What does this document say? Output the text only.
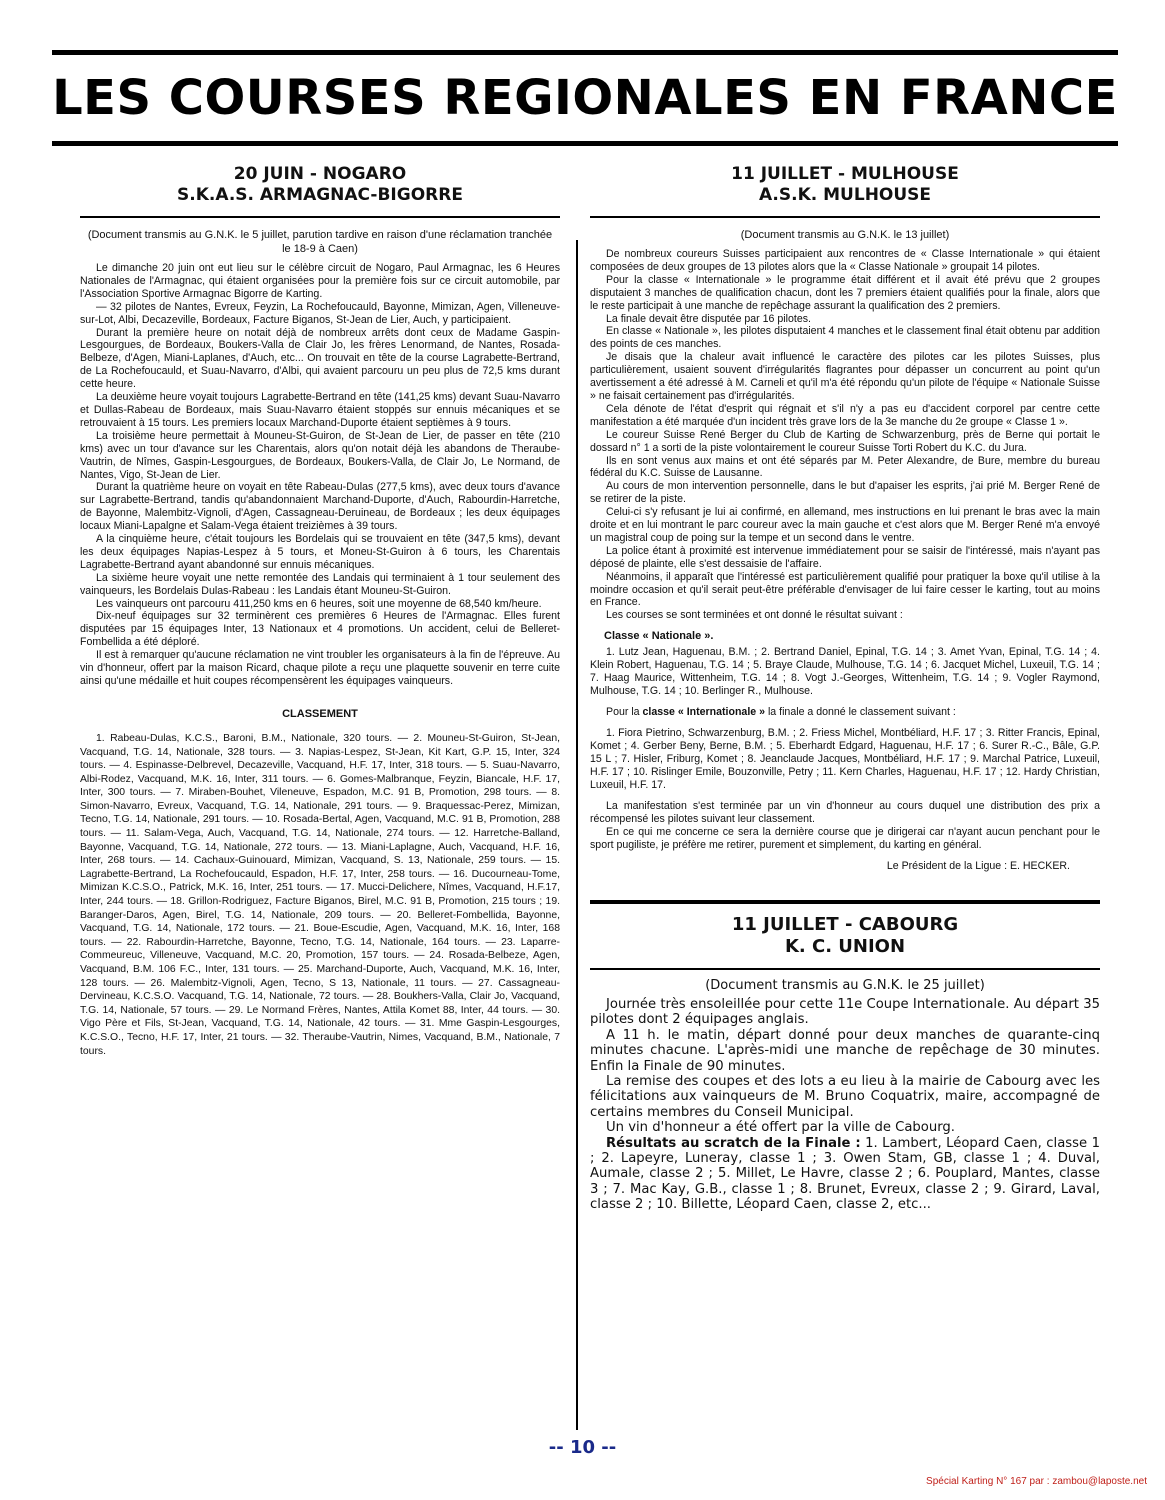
LES COURSES REGIONALES EN FRANCE
20 JUIN - NOGARO
S.K.A.S. ARMAGNAC-BIGORRE
(Document transmis au G.N.K. le 5 juillet, parution tardive en raison d'une réclamation tranchée le 18-9 à Caen)

Le dimanche 20 juin ont eut lieu sur le célèbre circuit de Nogaro, Paul Armagnac, les 6 Heures Nationales de l'Armagnac, qui étaient organisées pour la première fois sur ce circuit automobile, par l'Association Sportive Armagnac Bigorre de Karting.

— 32 pilotes de Nantes, Evreux, Feyzin, La Rochefoucauld, Bayonne, Mimizan, Agen, Villeneuve-sur-Lot, Albi, Decazeville, Bordeaux, Facture Biganos, St-Jean de Lier, Auch, y participaient.

Durant la première heure on notait déjà de nombreux arrêts dont ceux de Madame Gaspin-Lesgourgues, de Bordeaux, Boukers-Valla de Clair Jo, les frères Lenormand, de Nantes, Rosada-Belbeze, d'Agen, Miani-Laplanes, d'Auch, etc... On trouvait en tête de la course Lagrabette-Bertrand, de La Rochefoucauld, et Suau-Navarro, d'Albi, qui avaient parcouru un peu plus de 72,5 kms durant cette heure.

La deuxième heure voyait toujours Lagrabette-Bertrand en tête (141,25 kms) devant Suau-Navarro et Dullas-Rabeau de Bordeaux, mais Suau-Navarro étaient stoppés sur ennuis mécaniques et se retrouvaient à 15 tours. Les premiers locaux Marchand-Duporte étaient septièmes à 9 tours.

La troisième heure permettait à Mouneu-St-Guiron, de St-Jean de Lier, de passer en tête (210 kms) avec un tour d'avance sur les Charentais, alors qu'on notait déjà les abandons de Theraube-Vautrin, de Nîmes, Gaspin-Lesgourgues, de Bordeaux, Boukers-Valla, de Clair Jo, Le Normand, de Nantes, Vigo, St-Jean de Lier.

Durant la quatrième heure on voyait en tête Rabeau-Dulas (277,5 kms), avec deux tours d'avance sur Lagrabette-Bertrand, tandis qu'abandonnaient Marchand-Duporte, d'Auch, Rabourdin-Harretche, de Bayonne, Malembitz-Vignoli, d'Agen, Cassagneau-Deruineau, de Bordeaux ; les deux équipages locaux Miani-Lapalgne et Salam-Vega étaient treizièmes à 39 tours.

A la cinquième heure, c'était toujours les Bordelais qui se trouvaient en tête (347,5 kms), devant les deux équipages Napias-Lespez à 5 tours, et Moneu-St-Guiron à 6 tours, les Charentais Lagrabette-Bertrand ayant abandonné sur ennuis mécaniques.

La sixième heure voyait une nette remontée des Landais qui terminaient à 1 tour seulement des vainqueurs, les Bordelais Dulas-Rabeau : les Landais étant Mouneu-St-Guiron.

Les vainqueurs ont parcouru 411,250 kms en 6 heures, soit une moyenne de 68,540 km/heure.

Dix-neuf équipages sur 32 terminèrent ces premières 6 Heures de l'Armagnac. Elles furent disputées par 15 équipages Inter, 13 Nationaux et 4 promotions. Un accident, celui de Belleret-Fombellida a été déploré.

Il est à remarquer qu'aucune réclamation ne vint troubler les organisateurs à la fin de l'épreuve. Au vin d'honneur, offert par la maison Ricard, chaque pilote a reçu une plaquette souvenir en terre cuite ainsi qu'une médaille et huit coupes récompensèrent les équipages vainqueurs.

CLASSEMENT

1. Rabeau-Dulas, K.C.S., Baroni, B.M., Nationale, 320 tours. — 2. Mouneu-St-Guiron, St-Jean, Vacquand, T.G. 14, Nationale, 328 tours. — 3. Napias-Lespez, St-Jean, Kit Kart, G.P. 15, Inter, 324 tours. — 4. Espinasse-Delbrevel, Decazeville, Vacquand, H.F. 17, Inter, 318 tours. — 5. Suau-Navarro, Albi-Rodez, Vacquand, M.K. 16, Inter, 311 tours. — 6. Gomes-Malbranque, Feyzin, Biancale, H.F. 17, Inter, 300 tours. — 7. Miraben-Bouhet, Vileneuve, Espadon, M.C. 91 B, Promotion, 298 tours. — 8. Simon-Navarro, Evreux, Vacquand, T.G. 14, Nationale, 291 tours. — 9. Braquessac-Perez, Mimizan, Tecno, T.G. 14, Nationale, 291 tours. — 10. Rosada-Bertal, Agen, Vacquand, M.C. 91 B, Promotion, 288 tours. — 11. Salam-Vega, Auch, Vacquand, T.G. 14, Nationale, 274 tours. — 12. Harretche-Balland, Bayonne, Vacquand, T.G. 14, Nationale, 272 tours. — 13. Miani-Laplagne, Auch, Vacquand, H.F. 16, Inter, 268 tours. — 14. Cachaux-Guinouard, Mimizan, Vacquand, S. 13, Nationale, 259 tours. — 15. Lagrabette-Bertrand, La Rochefoucauld, Espadon, H.F. 17, Inter, 258 tours. — 16. Ducourneau-Tome, Mimizan K.C.S.O., Patrick, M.K. 16, Inter, 251 tours. — 17. Mucci-Delichere, Nîmes, Vacquand, H.F.17, Inter, 244 tours. — 18. Grillon-Rodriguez, Facture Biganos, Birel, M.C. 91 B, Promotion, 215 tours ; 19. Baranger-Daros, Agen, Birel, T.G. 14, Nationale, 209 tours. — 20. Belleret-Fombellida, Bayonne, Vacquand, T.G. 14, Nationale, 172 tours. — 21. Boue-Escudie, Agen, Vacquand, M.K. 16, Inter, 168 tours. — 22. Rabourdin-Harretche, Bayonne, Tecno, T.G. 14, Nationale, 164 tours. — 23. Laparre-Commeureuc, Villeneuve, Vacquand, M.C. 20, Promotion, 157 tours. — 24. Rosada-Belbeze, Agen, Vacquand, B.M. 106 F.C., Inter, 131 tours. — 25. Marchand-Duporte, Auch, Vacquand, M.K. 16, Inter, 128 tours. — 26. Malembitz-Vignoli, Agen, Tecno, S 13, Nationale, 11 tours. — 27. Cassagneau-Dervineau, K.C.S.O. Vacquand, T.G. 14, Nationale, 72 tours. — 28. Boukhers-Valla, Clair Jo, Vacquand, T.G. 14, Nationale, 57 tours. — 29. Le Normand Frères, Nantes, Attila Komet 88, Inter, 44 tours. — 30. Vigo Père et Fils, St-Jean, Vacquand, T.G. 14, Nationale, 42 tours. — 31. Mme Gaspin-Lesgourges, K.C.S.O., Tecno, H.F. 17, Inter, 21 tours. — 32. Theraube-Vautrin, Nimes, Vacquand, B.M., Nationale, 7 tours.

11 JUILLET - MULHOUSE
A.S.K. MULHOUSE
(Document transmis au G.N.K. le 13 juillet)

De nombreux coureurs Suisses participaient aux rencontres de « Classe Internationale » qui étaient composées de deux groupes de 13 pilotes alors que la « Classe Nationale » groupait 14 pilotes.

Pour la classe « Internationale » le programme était différent et il avait été prévu que 2 groupes disputaient 3 manches de qualification chacun, dont les 7 premiers étaient qualifiés pour la finale, alors que le reste participait à une manche de repêchage assurant la qualification des 2 premiers.

La finale devait être disputée par 16 pilotes.

En classe « Nationale », les pilotes disputaient 4 manches et le classement final était obtenu par addition des points de ces manches.

Je disais que la chaleur avait influencé le caractère des pilotes car les pilotes Suisses, plus particulièrement, usaient souvent d'irrégularités flagrantes pour dépasser un concurrent au point qu'un avertissement a été adressé à M. Carneli et qu'il m'a été répondu qu'un pilote de l'équipe « Nationale Suisse » ne faisait certainement pas d'irrégularités.

Cela dénote de l'état d'esprit qui régnait et s'il n'y a pas eu d'accident corporel par centre cette manifestation a été marquée d'un incident très grave lors de la 3e manche du 2e groupe « Classe 1 ».

Le coureur Suisse René Berger du Club de Karting de Schwarzenburg, près de Berne qui portait le dossard n° 1 a sorti de la piste volontairement le coureur Suisse Torti Robert du K.C. du Jura.

Ils en sont venus aux mains et ont été séparés par M. Peter Alexandre, de Bure, membre du bureau fédéral du K.C. Suisse de Lausanne.

Au cours de mon intervention personnelle, dans le but d'apaiser les esprits, j'ai prié M. Berger René de se retirer de la piste.

Celui-ci s'y refusant je lui ai confirmé, en allemand, mes instructions en lui prenant le bras avec la main droite et en lui montrant le parc coureur avec la main gauche et c'est alors que M. Berger René m'a envoyé un magistral coup de poing sur la tempe et un second dans le ventre.

La police étant à proximité est intervenue immédiatement pour se saisir de l'intéressé, mais n'ayant pas déposé de plainte, elle s'est dessaisie de l'affaire.

Néanmoins, il apparaît que l'intéressé est particulièrement qualifié pour pratiquer la boxe qu'il utilise à la moindre occasion et qu'il serait peut-être préférable d'envisager de lui faire cesser le karting, tout au moins en France.

Les courses se sont terminées et ont donné le résultat suivant :

Classe « Nationale ».

1. Lutz Jean, Haguenau, B.M. ; 2. Bertrand Daniel, Epinal, T.G. 14 ; 3. Amet Yvan, Epinal, T.G. 14 ; 4. Klein Robert, Haguenau, T.G. 14 ; 5. Braye Claude, Mulhouse, T.G. 14 ; 6. Jacquet Michel, Luxeuil, T.G. 14 ; 7. Haag Maurice, Wittenheim, T.G. 14 ; 8. Vogt J.-Georges, Wittenheim, T.G. 14 ; 9. Vogler Raymond, Mulhouse, T.G. 14 ; 10. Berlinger R., Mulhouse.

Pour la classe « Internationale » la finale a donné le classement suivant :

1. Fiora Pietrino, Schwarzenburg, B.M. ; 2. Friess Michel, Montbéliard, H.F. 17 ; 3. Ritter Francis, Epinal, Komet ; 4. Gerber Beny, Berne, B.M. ; 5. Eberhardt Edgard, Haguenau, H.F. 17 ; 6. Surer R.-C., Bâle, G.P. 15 L ; 7. Hisler, Friburg, Komet ; 8. Jeanclaude Jacques, Montbéliard, H.F. 17 ; 9. Marchal Patrice, Luxeuil, H.F. 17 ; 10. Rislinger Emile, Bouzonville, Petry ; 11. Kern Charles, Haguenau, H.F. 17 ; 12. Hardy Christian, Luxeuil, H.F. 17.

La manifestation s'est terminée par un vin d'honneur au cours duquel une distribution des prix a récompensé les pilotes suivant leur classement.

En ce qui me concerne ce sera la dernière course que je dirigerai car n'ayant aucun penchant pour le sport pugiliste, je préfère me retirer, purement et simplement, du karting en général.

Le Président de la Ligue : E. HECKER.
11 JUILLET - CABOURG
K. C. UNION
(Document transmis au G.N.K. le 25 juillet)

Journée très ensoleillée pour cette 11e Coupe Internationale. Au départ 35 pilotes dont 2 équipages anglais.

A 11 h. le matin, départ donné pour deux manches de quarante-cinq minutes chacune. L'après-midi une manche de repêchage de 30 minutes. Enfin la Finale de 90 minutes.

La remise des coupes et des lots a eu lieu à la mairie de Cabourg avec les félicitations aux vainqueurs de M. Bruno Coquatrix, maire, accompagné de certains membres du Conseil Municipal.

Un vin d'honneur a été offert par la ville de Cabourg.

Résultats au scratch de la Finale : 1. Lambert, Léopard Caen, classe 1 ; 2. Lapeyre, Luneray, classe 1 ; 3. Owen Stam, GB, classe 1 ; 4. Duval, Aumale, classe 2 ; 5. Millet, Le Havre, classe 2 ; 6. Pouplard, Mantes, classe 3 ; 7. Mac Kay, G.B., classe 1 ; 8. Brunet, Evreux, classe 2 ; 9. Girard, Laval, classe 2 ; 10. Billette, Léopard Caen, classe 2, etc...

-- 10 --
Spécial Karting N° 167 par : zambou@laposte.net
